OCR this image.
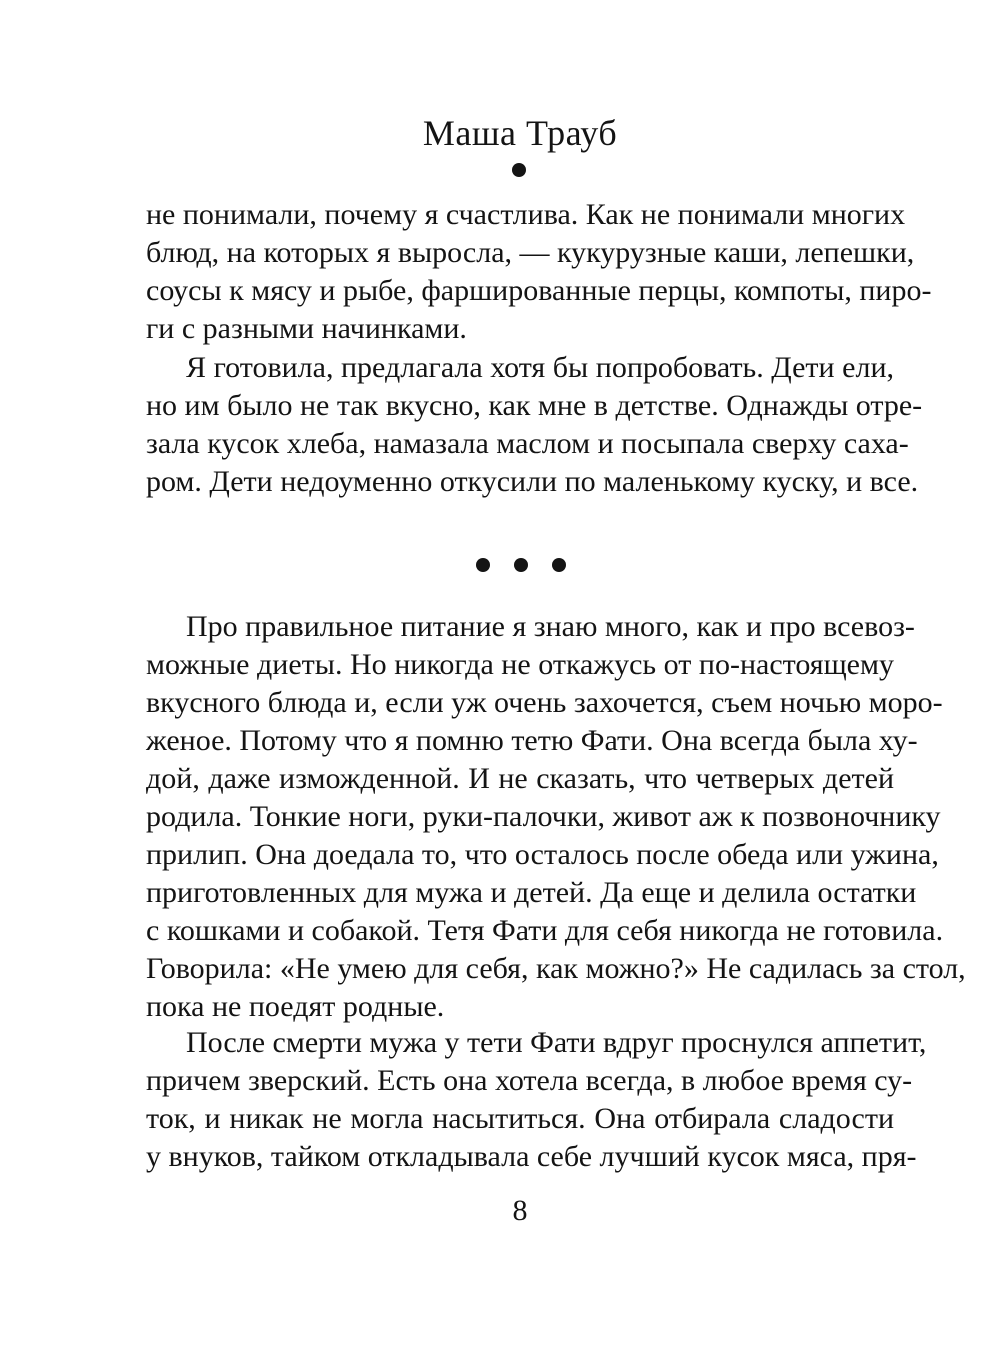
Маша Трауб
не понимали, почему я счастлива. Как не понимали многих
блюд, на которых я выросла, — кукурузные каши, лепешки,
соусы к мясу и рыбе, фаршированные перцы, компоты, пиро-
ги с разными начинками.
Я готовила, предлагала хотя бы попробовать. Дети ели,
но им было не так вкусно, как мне в детстве. Однажды отре-
зала кусок хлеба, намазала маслом и посыпала сверху саха-
ром. Дети недоуменно откусили по маленькому куску, и все.
Про правильное питание я знаю много, как и про всевоз-
можные диеты. Но никогда не откажусь от по-настоящему
вкусного блюда и, если уж очень захочется, съем ночью моро-
женое. Потому что я помню тетю Фати. Она всегда была ху-
дой, даже изможденной. И не сказать, что четверых детей
родила. Тонкие ноги, руки-палочки, живот аж к позвоночнику
прилип. Она доедала то, что осталось после обеда или ужина,
приготовленных для мужа и детей. Да еще и делила остатки
с кошками и собакой. Тетя Фати для себя никогда не готовила.
Говорила: «Не умею для себя, как можно?» Не садилась за стол,
пока не поедят родные.
После смерти мужа у тети Фати вдруг проснулся аппетит,
причем зверский. Есть она хотела всегда, в любое время су-
ток, и никак не могла насытиться. Она отбирала сладости
у внуков, тайком откладывала себе лучший кусок мяса, пря-
8
